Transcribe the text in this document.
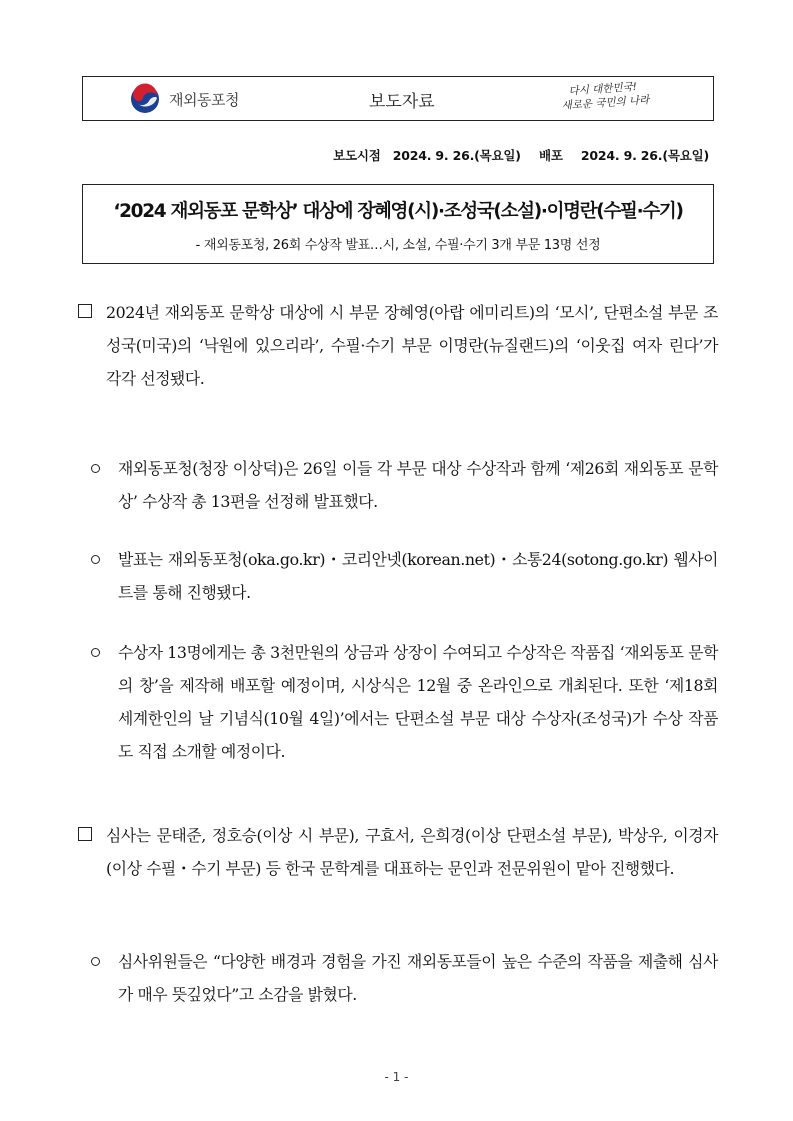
재외동포청	보도자료
다시 대한민국!
새로운 국민의 나라
보도시점 2024. 9. 26.(목요일) 배포 2024. 9. 26.(목요일)
‘2024 재외동포 문학상’ 대상에 장혜영(시)·조성국(소설)·이명란(수필·수기)
- 재외동포청, 26회 수상작 발표…시, 소설, 수필·수기 3개 부문 13명 선정
2024년 재외동포 문학상 대상에 시 부문 장혜영(아랍 에미리트)의 ‘모시’, 단편소설 부문 조성국(미국)의 ‘낙원에 있으리라’, 수필·수기 부문 이명란(뉴질랜드)의 ‘이웃집 여자 린다’가 각각 선정됐다.
재외동포청(청장 이상덕)은 26일 이들 각 부문 대상 수상작과 함께 ‘제26회 재외동포 문학상’ 수상작 총 13편을 선정해 발표했다.
발표는 재외동포청(oka.go.kr)・코리안넷(korean.net)・소통24(sotong.go.kr) 웹사이트를 통해 진행됐다.
수상자 13명에게는 총 3천만원의 상금과 상장이 수여되고 수상작은 작품집 ‘재외동포 문학의 창’을 제작해 배포할 예정이며, 시상식은 12월 중 온라인으로 개최된다. 또한 ‘제18회 세계한인의 날 기념식(10월 4일)’에서는 단편소설 부문 대상 수상자(조성국)가 수상 작품도 직접 소개할 예정이다.
심사는 문태준, 정호승(이상 시 부문), 구효서, 은희경(이상 단편소설 부문), 박상우, 이경자(이상 수필・수기 부문) 등 한국 문학계를 대표하는 문인과 전문위원이 맡아 진행했다.
심사위원들은 “다양한 배경과 경험을 가진 재외동포들이 높은 수준의 작품을 제출해 심사가 매우 뜻깊었다”고 소감을 밝혔다.
- 1 -
